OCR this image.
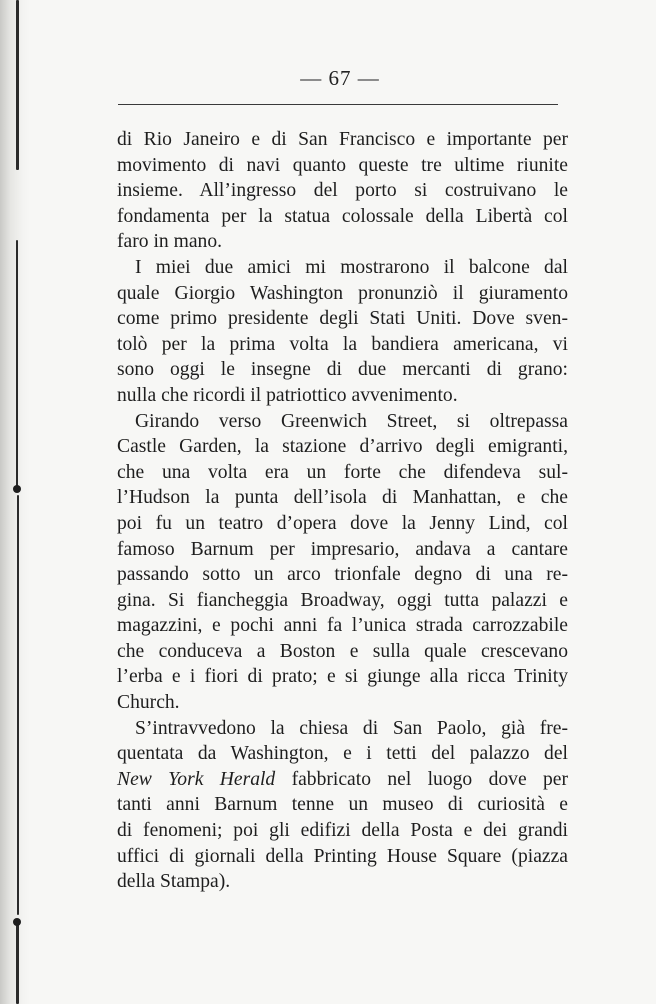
— 67 —
di Rio Janeiro e di San Francisco e importante per
movimento di navi quanto queste tre ultime riunite
insieme. All’ingresso del porto si costruivano le
fondamenta per la statua colossale della Libertà col
faro in mano.
I miei due amici mi mostrarono il balcone dal
quale Giorgio Washington pronunziò il giuramento
come primo presidente degli Stati Uniti. Dove sven-
tolò per la prima volta la bandiera americana, vi
sono oggi le insegne di due mercanti di grano:
nulla che ricordi il patriottico avvenimento.
Girando verso Greenwich Street, si oltrepassa
Castle Garden, la stazione d’arrivo degli emigranti,
che una volta era un forte che difendeva sul-
l’Hudson la punta dell’isola di Manhattan, e che
poi fu un teatro d’opera dove la Jenny Lind, col
famoso Barnum per impresario, andava a cantare
passando sotto un arco trionfale degno di una re-
gina. Si fiancheggia Broadway, oggi tutta palazzi e
magazzini, e pochi anni fa l’unica strada carrozzabile
che conduceva a Boston e sulla quale crescevano
l’erba e i fiori di prato; e si giunge alla ricca Trinity
Church.
S’intravvedono la chiesa di San Paolo, già fre-
quentata da Washington, e i tetti del palazzo del
New York Herald fabbricato nel luogo dove per
tanti anni Barnum tenne un museo di curiosità e
di fenomeni; poi gli edifizi della Posta e dei grandi
uffici di giornali della Printing House Square (piazza
della Stampa).
